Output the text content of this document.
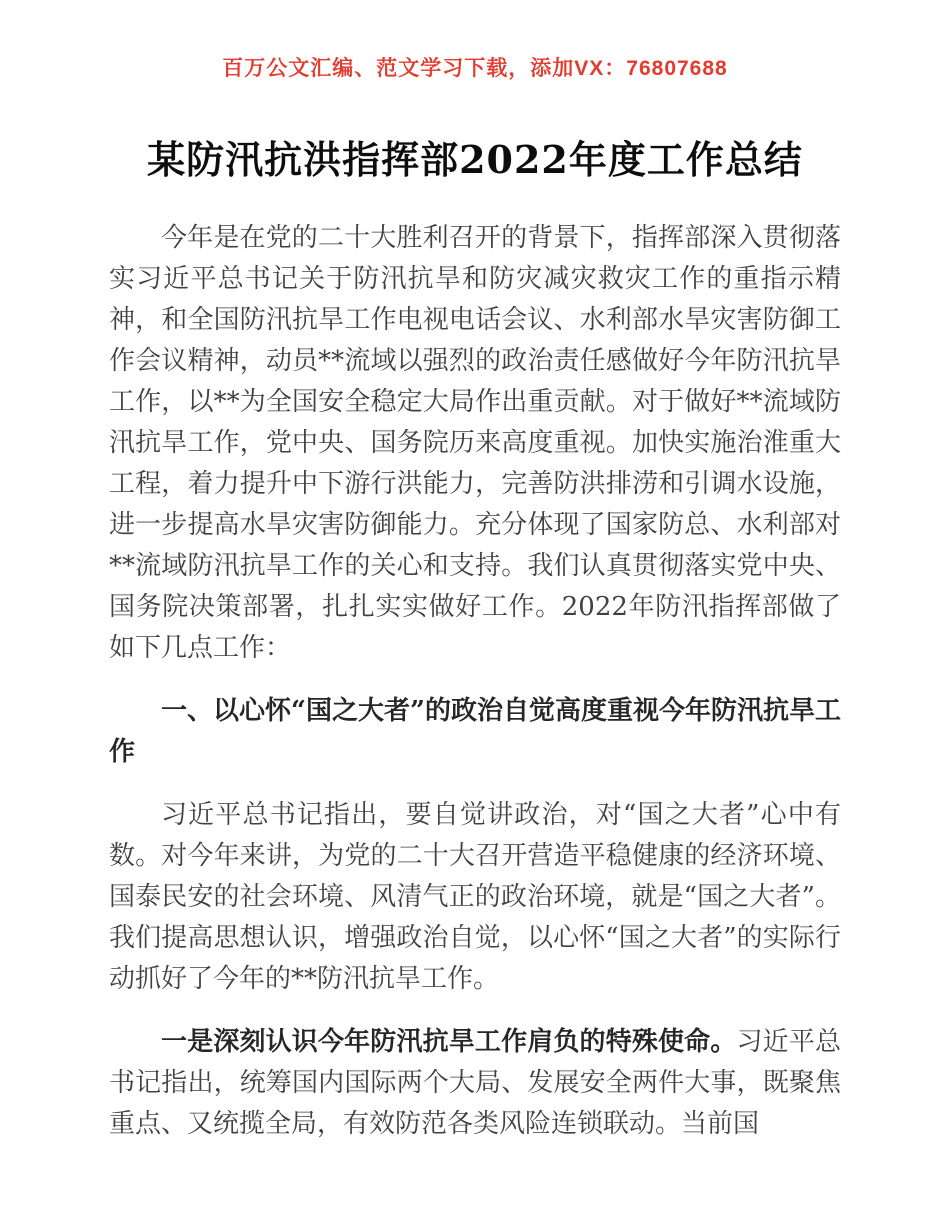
百万公文汇编、范文学习下载，添加VX：76807688
某防汛抗洪指挥部2022年度工作总结

今年是在党的二十大胜利召开的背景下，指挥部深入贯彻落实习近平总书记关于防汛抗旱和防灾减灾救灾工作的重指示精神，和全国防汛抗旱工作电视电话会议、水利部水旱灾害防御工作会议精神，动员**流域以强烈的政治责任感做好今年防汛抗旱工作，以**为全国安全稳定大局作出重贡献。对于做好**流域防汛抗旱工作，党中央、国务院历来高度重视。加快实施治淮重大工程，着力提升中下游行洪能力，完善防洪排涝和引调水设施，进一步提高水旱灾害防御能力。充分体现了国家防总、水利部对**流域防汛抗旱工作的关心和支持。我们认真贯彻落实党中央、国务院决策部署，扎扎实实做好工作。2022年防汛指挥部做了如下几点工作：

一、以心怀“国之大者”的政治自觉高度重视今年防汛抗旱工作

习近平总书记指出，要自觉讲政治，对“国之大者”心中有数。对今年来讲，为党的二十大召开营造平稳健康的经济环境、国泰民安的社会环境、风清气正的政治环境，就是“国之大者”。我们提高思想认识，增强政治自觉，以心怀“国之大者”的实际行动抓好了今年的**防汛抗旱工作。

一是深刻认识今年防汛抗旱工作肩负的特殊使命。习近平总书记指出，统筹国内国际两个大局、发展安全两件大事，既聚焦重点、又统揽全局，有效防范各类风险连锁联动。当前国
